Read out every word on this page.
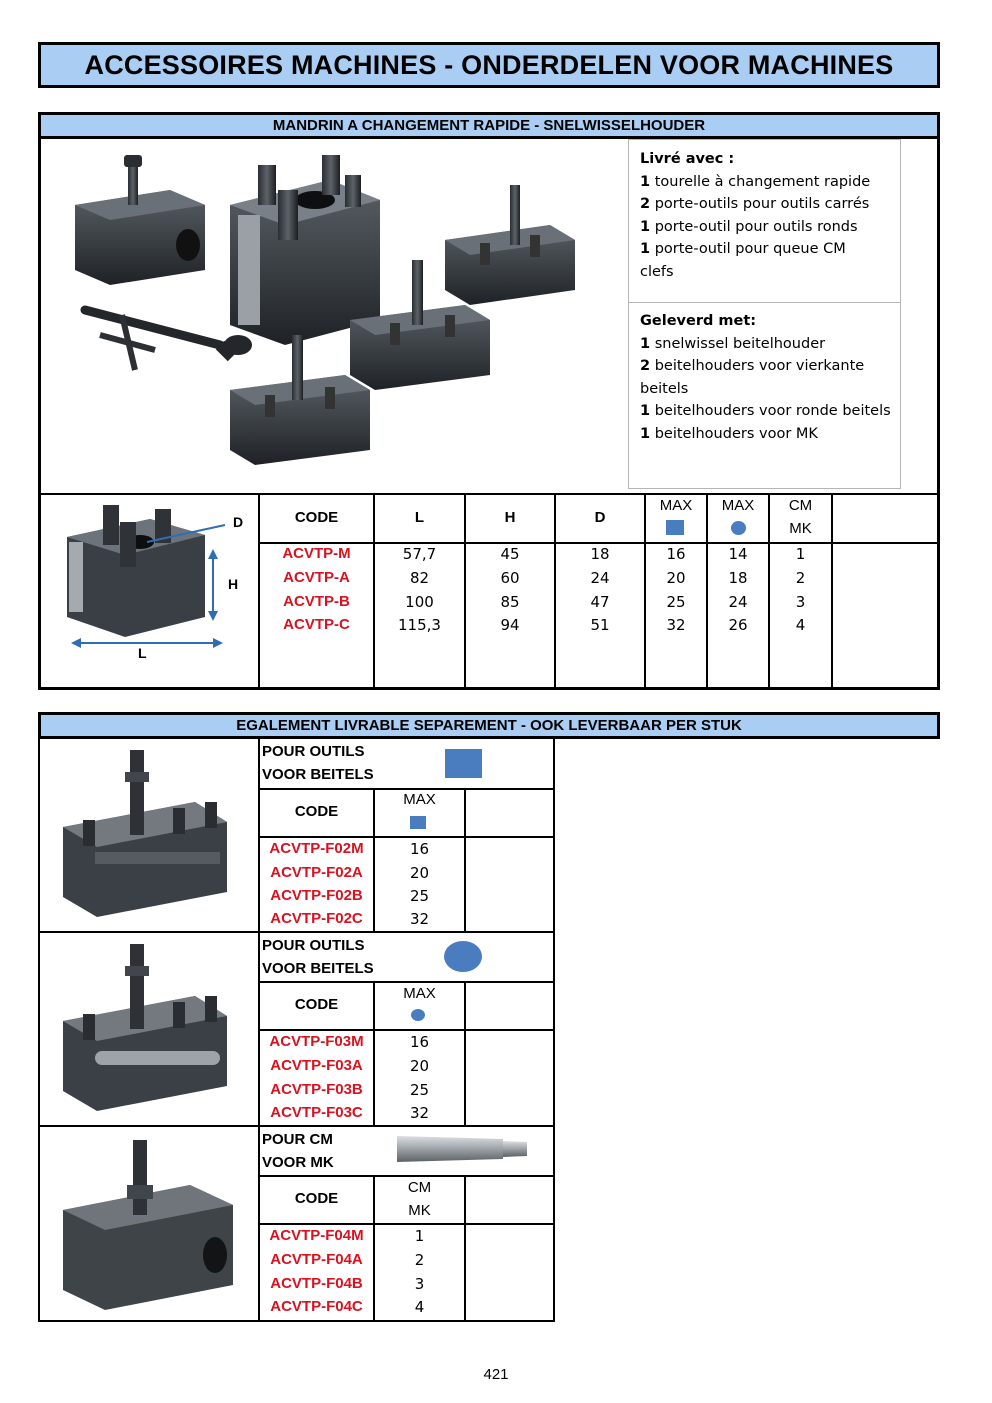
ACCESSOIRES MACHINES - ONDERDELEN VOOR MACHINES
MANDRIN A CHANGEMENT RAPIDE - SNELWISSELHOUDER
Livré avec :
1 tourelle à changement rapide
2 porte-outils pour outils carrés
1 porte-outil pour outils ronds
1 porte-outil pour queue CM
clefs
Geleverd met:
1 snelwissel beitelhouder
2 beitelhouders voor vierkante beitels
1 beitelhouders voor ronde beitels
1 beitelhouders voor MK
D
H
L
CODE	L	H	D
MAX	MAX	CM
MK
ACVTP-M	57,7	45	18	16	14	1
ACVTP-A	82	60	24	20	18	2
ACVTP-B	100	85	47	25	24	3
ACVTP-C	115,3	94	51	32	26	4
EGALEMENT LIVRABLE SEPAREMENT - OOK LEVERBAAR PER STUK
POUR OUTILS
VOOR BEITELS
CODE
MAX
ACVTP-F02M	16
ACVTP-F02A	20
ACVTP-F02B	25
ACVTP-F02C	32
POUR OUTILS
VOOR BEITELS
CODE
MAX
ACVTP-F03M	16
ACVTP-F03A	20
ACVTP-F03B	25
ACVTP-F03C	32
POUR CM
VOOR MK
CODE
CM
MK
ACVTP-F04M	1
ACVTP-F04A	2
ACVTP-F04B	3
ACVTP-F04C	4
421
